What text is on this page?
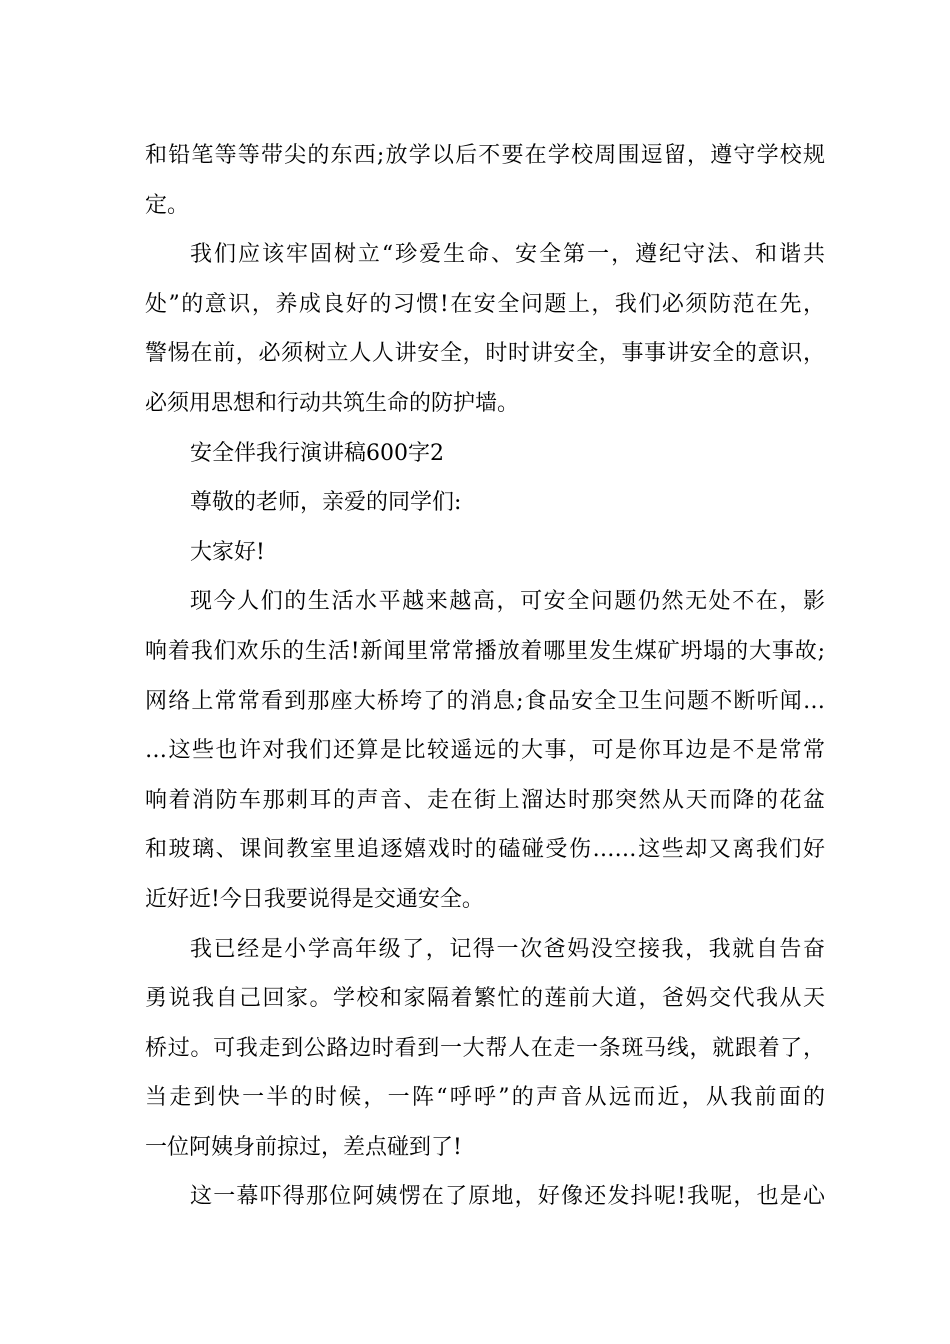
和铅笔等等带尖的东西;放学以后不要在学校周围逗留，遵守学校规
定。
我们应该牢固树立“珍爱生命、安全第一，遵纪守法、和谐共
处”的意识，养成良好的习惯!在安全问题上，我们必须防范在先，
警惕在前，必须树立人人讲安全，时时讲安全，事事讲安全的意识，
必须用思想和行动共筑生命的防护墙。
安全伴我行演讲稿600字2
尊敬的老师，亲爱的同学们:
大家好!
现今人们的生活水平越来越高，可安全问题仍然无处不在，影
响着我们欢乐的生活!新闻里常常播放着哪里发生煤矿坍塌的大事故;
网络上常常看到那座大桥垮了的消息;食品安全卫生问题不断听闻…
…这些也许对我们还算是比较遥远的大事，可是你耳边是不是常常
响着消防车那刺耳的声音、走在街上溜达时那突然从天而降的花盆
和玻璃、课间教室里追逐嬉戏时的磕碰受伤……这些却又离我们好
近好近!今日我要说得是交通安全。
我已经是小学高年级了，记得一次爸妈没空接我，我就自告奋
勇说我自己回家。学校和家隔着繁忙的莲前大道，爸妈交代我从天
桥过。可我走到公路边时看到一大帮人在走一条斑马线，就跟着了，
当走到快一半的时候，一阵“呼呼”的声音从远而近，从我前面的
一位阿姨身前掠过，差点碰到了!
这一幕吓得那位阿姨愣在了原地，好像还发抖呢!我呢，也是心
